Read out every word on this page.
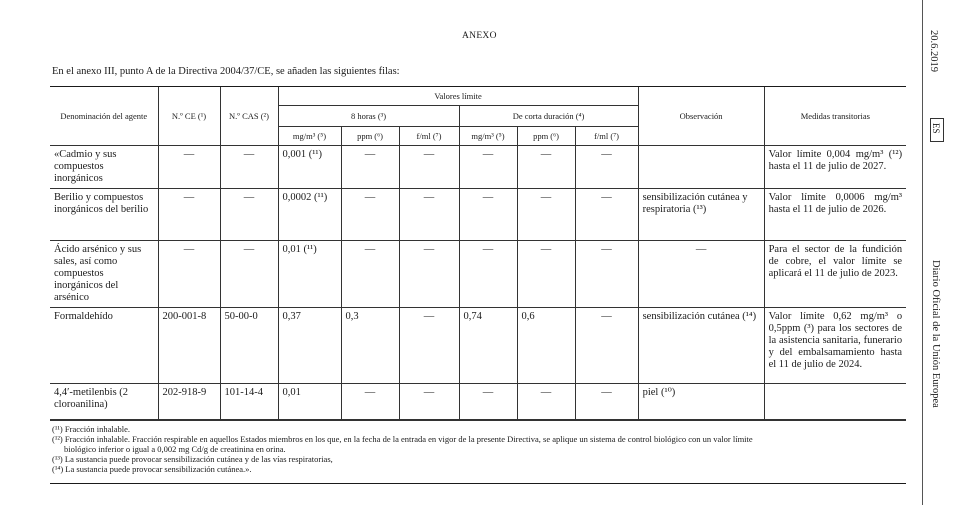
ANEXO
En el anexo III, punto A de la Directiva 2004/37/CE, se añaden las siguientes filas:
Denominación del agente	N.º CE (¹)	N.º CAS (²)	Valores límite						Observación	Medidas transitorias
			8 horas (³)			De corta duración (⁴)				
			mg/m³ (⁵)	ppm (⁶)	f/ml (⁷)	mg/m³ (⁵)	ppm (⁶)	f/ml (⁷)		
«Cadmio y sus compuestos inorgánicos	—	—	0,001 (¹¹)	—	—	—	—	—		Valor límite 0,004 mg/m³ (¹²) hasta el 11 de julio de 2027.
Berilio y compuestos inorgánicos del berilio	—	—	0,0002 (¹¹)	—	—	—	—	—	sensibilización cutánea y respiratoria (¹³)	Valor límite 0,0006 mg/m³ hasta el 11 de julio de 2026.
Ácido arsénico y sus sales, así como compuestos inorgánicos del arsénico	—	—	0,01 (¹¹)	—	—	—	—	—	—	Para el sector de la fundición de cobre, el valor límite se aplicará el 11 de julio de 2023.
Formaldehído	200-001-8	50-00-0	0,37	0,3	—	0,74	0,6	—	sensibilización cutánea (¹⁴)	Valor límite 0,62 mg/m³ o 0,5ppm (³) para los sectores de la asistencia sanitaria, funerario y del embalsamamiento hasta el 11 de julio de 2024.
4,4′-metilenbis (2 cloroanilina)	202-918-9	101-14-4	0,01	—	—	—	—	—	piel (¹⁰)	

(¹¹) Fracción inhalable.

(¹²) Fracción inhalable. Fracción respirable en aquellos Estados miembros en los que, en la fecha de la entrada en vigor de la presente Directiva, se aplique un sistema de control biológico con un valor límite

biológico inferior o igual a 0,002 mg Cd/g de creatinina en orina.

(¹³) La sustancia puede provocar sensibilización cutánea y de las vías respiratorias,

(¹⁴) La sustancia puede provocar sensibilización cutánea.».

20.6.2019
ES
Diario Oficial de la Unión Europea
